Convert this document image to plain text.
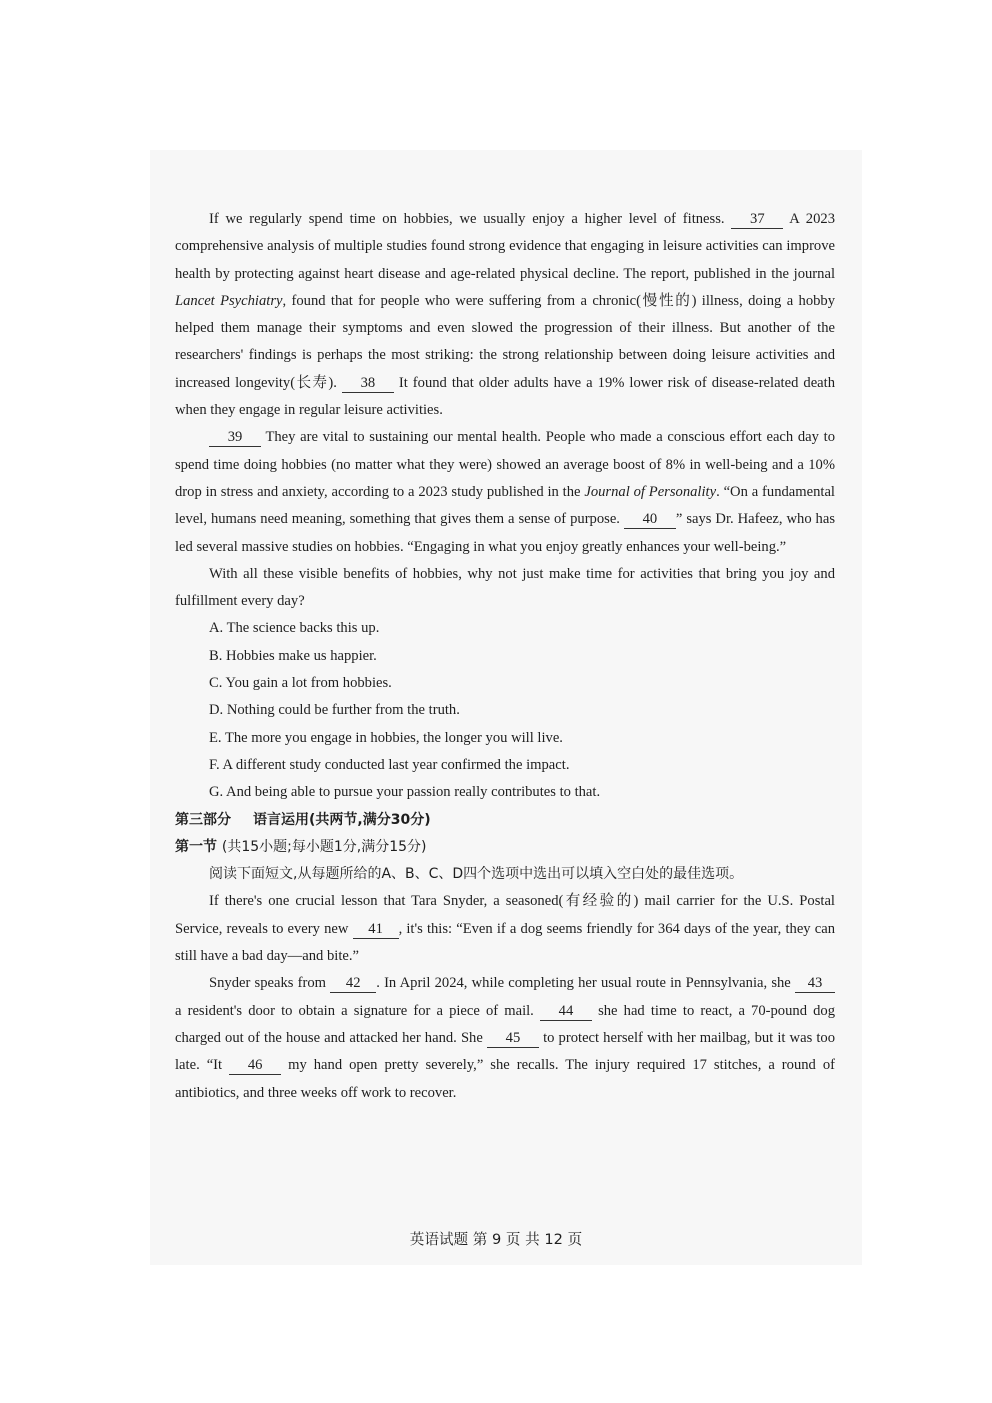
If we regularly spend time on hobbies, we usually enjoy a higher level of fitness. 37 A 2023 comprehensive analysis of multiple studies found strong evidence that engaging in leisure activities can improve health by protecting against heart disease and age-related physical decline. The report, published in the journal Lancet Psychiatry, found that for people who were suffering from a chronic(慢性的) illness, doing a hobby helped them manage their symptoms and even slowed the progression of their illness. But another of the researchers' findings is perhaps the most striking: the strong relationship between doing leisure activities and increased longevity(长寿). 38 It found that older adults have a 19% lower risk of disease-related death when they engage in regular leisure activities.

39 They are vital to sustaining our mental health. People who made a conscious effort each day to spend time doing hobbies (no matter what they were) showed an average boost of 8% in well-being and a 10% drop in stress and anxiety, according to a 2023 study published in the Journal of Personality. “On a fundamental level, humans need meaning, something that gives them a sense of purpose. 40 ” says Dr. Hafeez, who has led several massive studies on hobbies. “Engaging in what you enjoy greatly enhances your well-being.”

With all these visible benefits of hobbies, why not just make time for activities that bring you joy and fulfillment every day?

A. The science backs this up.

B. Hobbies make us happier.

C. You gain a lot from hobbies.

D. Nothing could be further from the truth.

E. The more you engage in hobbies, the longer you will live.

F. A different study conducted last year confirmed the impact.

G. And being able to pursue your passion really contributes to that.

第三部分 语言运用(共两节,满分30分)

第一节 (共15小题;每小题1分,满分15分)

阅读下面短文,从每题所给的A、B、C、D四个选项中选出可以填入空白处的最佳选项。

If there's one crucial lesson that Tara Snyder, a seasoned(有经验的) mail carrier for the U.S. Postal Service, reveals to every new 41 , it's this: “Even if a dog seems friendly for 364 days of the year, they can still have a bad day—and bite.”

Snyder speaks from 42 . In April 2024, while completing her usual route in Pennsylvania, she 43 a resident's door to obtain a signature for a piece of mail. 44 she had time to react, a 70-pound dog charged out of the house and attacked her hand. She 45 to protect herself with her mailbag, but it was too late. “It 46 my hand open pretty severely,” she recalls. The injury required 17 stitches, a round of antibiotics, and three weeks off work to recover.

英语试题 第 9 页 共 12 页
